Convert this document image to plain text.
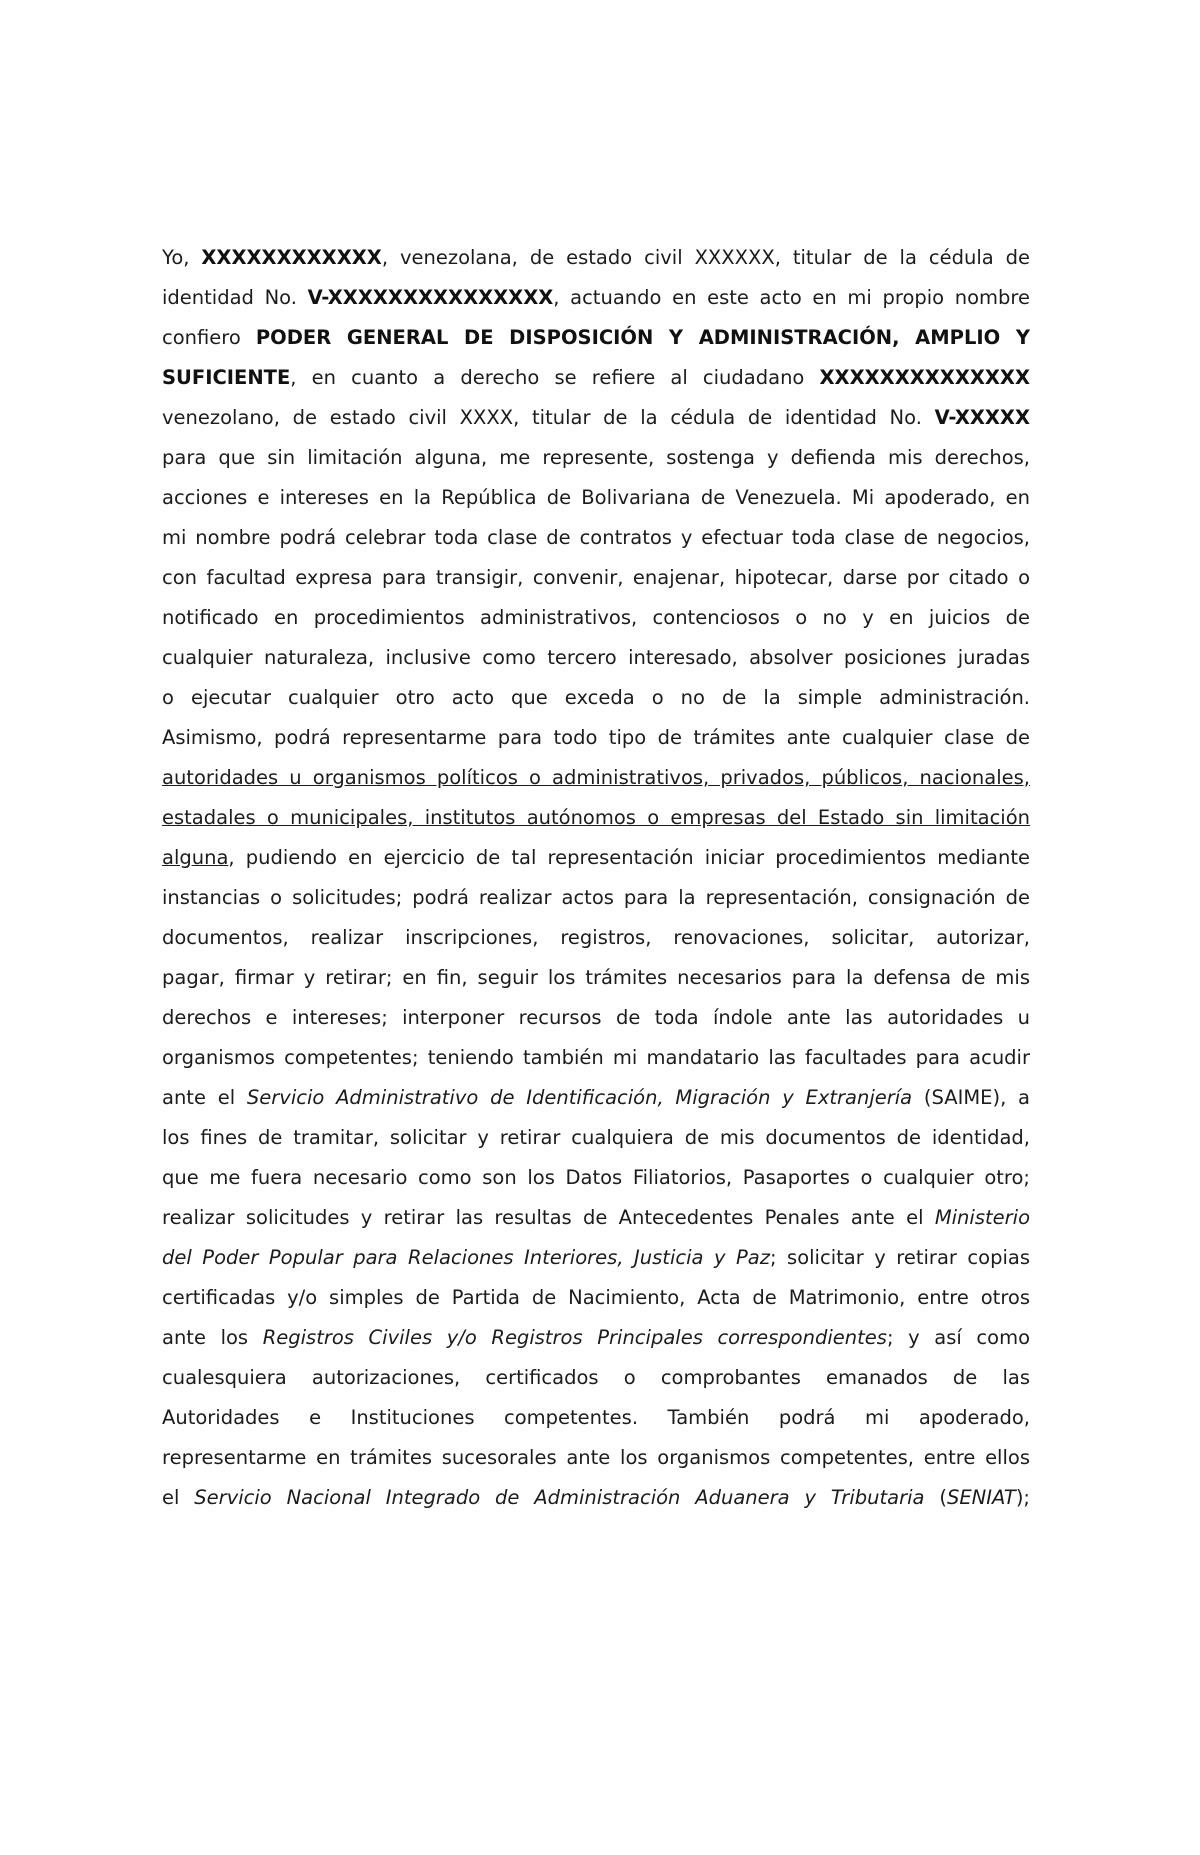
Yo, XXXXXXXXXXXX, venezolana, de estado civil XXXXXX, titular de la cédula de
identidad No. V-XXXXXXXXXXXXXXX, actuando en este acto en mi propio nombre
confiero PODER GENERAL DE DISPOSICIÓN Y ADMINISTRACIÓN, AMPLIO Y
SUFICIENTE, en cuanto a derecho se refiere al ciudadano XXXXXXXXXXXXXX
venezolano, de estado civil XXXX, titular de la cédula de identidad No. V-XXXXX
para que sin limitación alguna, me represente, sostenga y defienda mis derechos,
acciones e intereses en la República de Bolivariana de Venezuela. Mi apoderado, en
mi nombre podrá celebrar toda clase de contratos y efectuar toda clase de negocios,
con facultad expresa para transigir, convenir, enajenar, hipotecar, darse por citado o
notificado en procedimientos administrativos, contenciosos o no y en juicios de
cualquier naturaleza, inclusive como tercero interesado, absolver posiciones juradas
o ejecutar cualquier otro acto que exceda o no de la simple administración.
Asimismo, podrá representarme para todo tipo de trámites ante cualquier clase de
autoridades u organismos políticos o administrativos, privados, públicos, nacionales,
estadales o municipales, institutos autónomos o empresas del Estado sin limitación
alguna, pudiendo en ejercicio de tal representación iniciar procedimientos mediante
instancias o solicitudes; podrá realizar actos para la representación, consignación de
documentos, realizar inscripciones, registros, renovaciones, solicitar, autorizar,
pagar, firmar y retirar; en fin, seguir los trámites necesarios para la defensa de mis
derechos e intereses; interponer recursos de toda índole ante las autoridades u
organismos competentes; teniendo también mi mandatario las facultades para acudir
ante el Servicio Administrativo de Identificación, Migración y Extranjería (SAIME), a
los fines de tramitar, solicitar y retirar cualquiera de mis documentos de identidad,
que me fuera necesario como son los Datos Filiatorios, Pasaportes o cualquier otro;
realizar solicitudes y retirar las resultas de Antecedentes Penales ante el Ministerio
del Poder Popular para Relaciones Interiores, Justicia y Paz; solicitar y retirar copias
certificadas y/o simples de Partida de Nacimiento, Acta de Matrimonio, entre otros
ante los Registros Civiles y/o Registros Principales correspondientes; y así como
cualesquiera autorizaciones, certificados o comprobantes emanados de las
Autoridades e Instituciones competentes. También podrá mi apoderado,
representarme en trámites sucesorales ante los organismos competentes, entre ellos
el Servicio Nacional Integrado de Administración Aduanera y Tributaria (SENIAT);
